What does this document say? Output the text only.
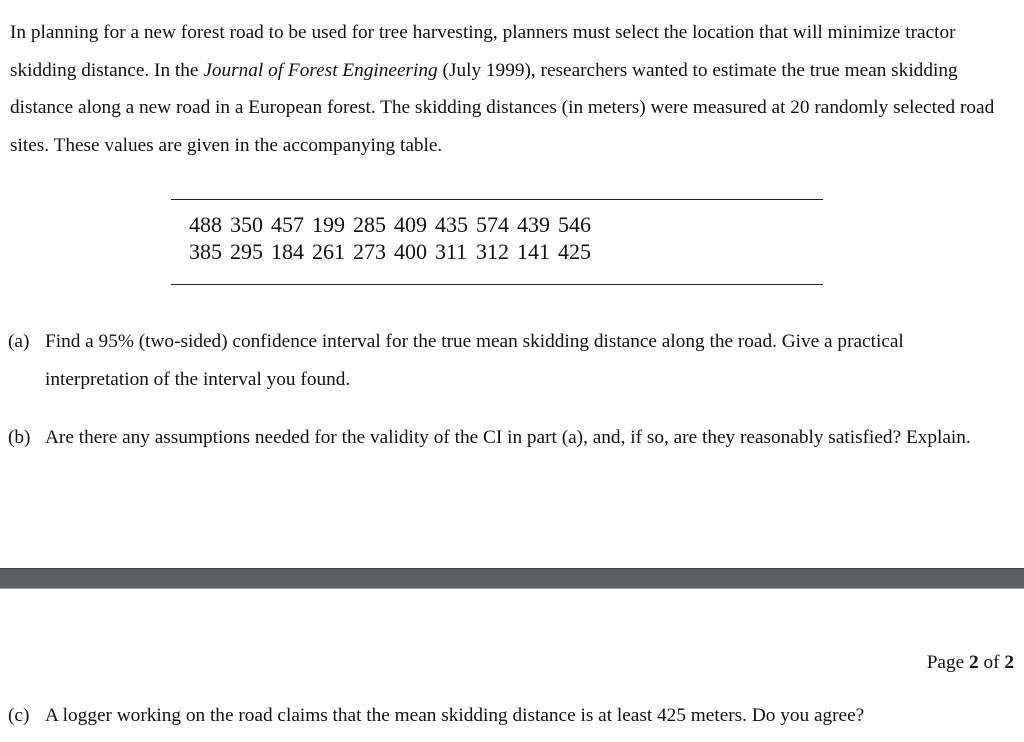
In planning for a new forest road to be used for tree harvesting, planners must select the location that will minimize tractor skidding distance. In the Journal of Forest Engineering (July 1999), researchers wanted to estimate the true mean skidding distance along a new road in a European forest. The skidding distances (in meters) were measured at 20 randomly selected road sites. These values are given in the accompanying table.

488	350	457	199	285	409	435	574	439	546
385	295	184	261	273	400	311	312	141	425
(a) Find a 95% (two-sided) confidence interval for the true mean skidding distance along the road. Give a practical interpretation of the interval you found.
(b) Are there any assumptions needed for the validity of the CI in part (a), and, if so, are they reasonably satisfied? Explain.
Page 2 of 2
(c) A logger working on the road claims that the mean skidding distance is at least 425 meters. Do you agree?
